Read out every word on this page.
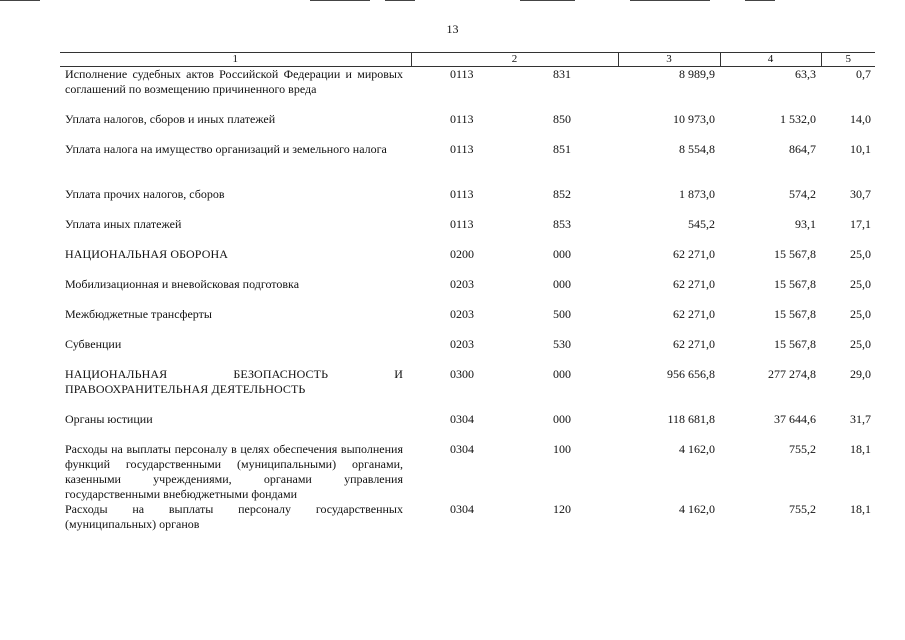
13
1	2		3	4	5
Исполнение судебных актов Российской Федерации и мировых соглашений по возмещению причиненного вреда	0113	831	8 989,9	63,3	0,7
Уплата налогов, сборов и иных платежей	0113	850	10 973,0	1 532,0	14,0
Уплата налога на имущество организаций и земельного налога	0113	851	8 554,8	864,7	10,1
Уплата прочих налогов, сборов	0113	852	1 873,0	574,2	30,7
Уплата иных платежей	0113	853	545,2	93,1	17,1
НАЦИОНАЛЬНАЯ ОБОРОНА	0200	000	62 271,0	15 567,8	25,0
Мобилизационная и вневойсковая подготовка	0203	000	62 271,0	15 567,8	25,0
Межбюджетные трансферты	0203	500	62 271,0	15 567,8	25,0
Субвенции	0203	530	62 271,0	15 567,8	25,0
НАЦИОНАЛЬНАЯ БЕЗОПАСНОСТЬ И ПРАВООХРАНИТЕЛЬНАЯ ДЕЯТЕЛЬНОСТЬ	0300	000	956 656,8	277 274,8	29,0
Органы юстиции	0304	000	118 681,8	37 644,6	31,7
Расходы на выплаты персоналу в целях обеспечения выполнения функций государственными (муниципальными) органами, казенными учреждениями, органами управления государственными внебюджетными фондами	0304	100	4 162,0	755,2	18,1
Расходы на выплаты персоналу государственных (муниципальных) органов	0304	120	4 162,0	755,2	18,1
